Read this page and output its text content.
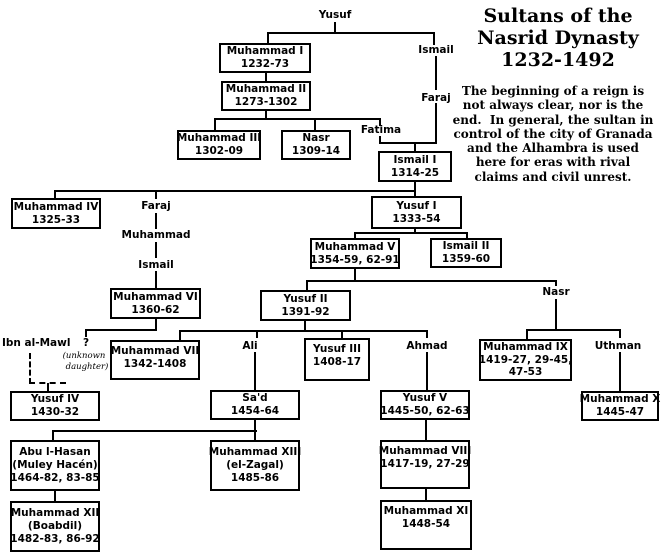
Sultans of the
Nasrid Dynasty
1232-1492
The beginning of a reign is
not always clear, nor is the
end.  In general, the sultan in
control of the city of Granada
and the Alhambra is used
here for eras with rival
claims and civil unrest.
Yusuf
Ismail
Faraj
Fatima
Faraj
Muhammad
Ismail
Nasr
Ali	Ahmad	Uthman
Ibn al-Mawl	?
(unknown
daughter)
Muhammad I
1232-73
Muhammad II
1273-1302
Muhammad III
1302-09
Nasr
1309-14
Ismail I
1314-25
Muhammad IV
1325-33
Yusuf I
1333-54
Muhammad V
1354-59, 62-91
Ismail II
1359-60
Muhammad VI
1360-62
Yusuf II
1391-92
Muhammad VII
1342-1408
Yusuf III
1408-17
Muhammad IX
1419-27, 29-45,
47-53
Yusuf IV
1430-32
Muhammad X
1445-47
Yusuf V
1445-50, 62-63
Sa'd
1454-64
Muhammad VIII
1417-19, 27-29
Abu l-Hasan
(Muley Hacén)
1464-82, 83-85
Muhammad XIII
(el-Zagal)
1485-86
Muhammad XII
(Boabdil)
1482-83, 86-92
Muhammad XI
1448-54
